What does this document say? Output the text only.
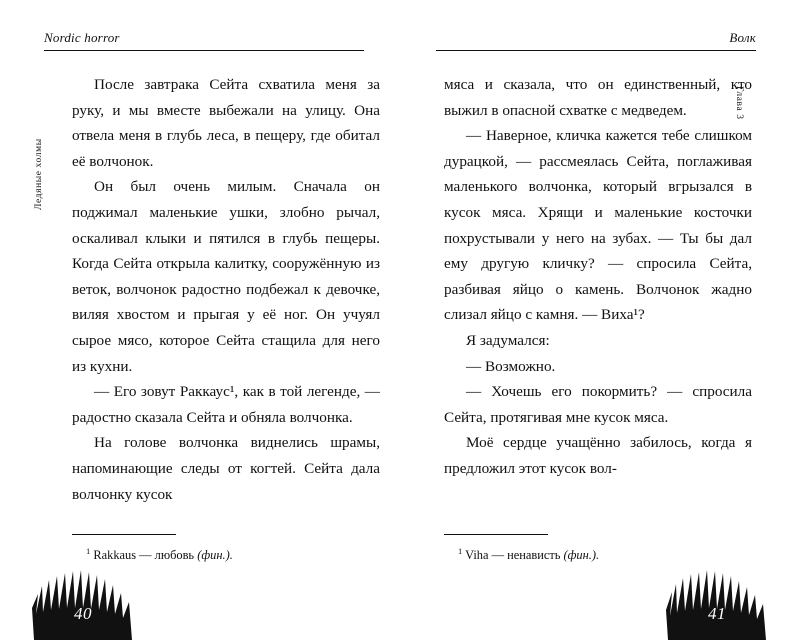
Nordic horror
Ледяные холмы

После завтрака Сейта схватила меня за руку, и мы вместе выбежали на улицу. Она отвела меня в глубь леса, в пещеру, где обитал её волчонок.

Он был очень милым. Сначала он поджимал маленькие ушки, злобно рычал, оскаливал клыки и пятился в глубь пещеры. Когда Сейта открыла калитку, сооружённую из веток, волчонок радостно подбежал к девочке, виляя хвостом и прыгая у её ног. Он учуял сырое мясо, которое Сейта стащила для него из кухни.

— Его зовут Раккаус¹, как в той легенде, — радостно сказала Сейта и обняла волчонка.

На голове волчонка виднелись шрамы, напоминающие следы от когтей. Сейта дала волчонку кусок

$^1$ Rakkaus — любовь (фин.).

40
Волк
Глава 3

мяса и сказала, что он единственный, кто выжил в опасной схватке с медведем.

— Наверное, кличка кажется тебе слишком дурацкой, — рассмеялась Сейта, поглаживая маленького волчонка, который вгрызался в кусок мяса. Хрящи и маленькие косточки похрустывали у него на зубах. — Ты бы дал ему другую кличку? — спросила Сейта, разбивая яйцо о камень. Волчонок жадно слизал яйцо с камня. — Виха¹?

Я задумался:

— Возможно.

— Хочешь его покормить? — спросила Сейта, протягивая мне кусок мяса.

Моё сердце учащённо забилось, когда я предложил этот кусок вол-

$^1$ Viha — ненависть (фин.).

41
